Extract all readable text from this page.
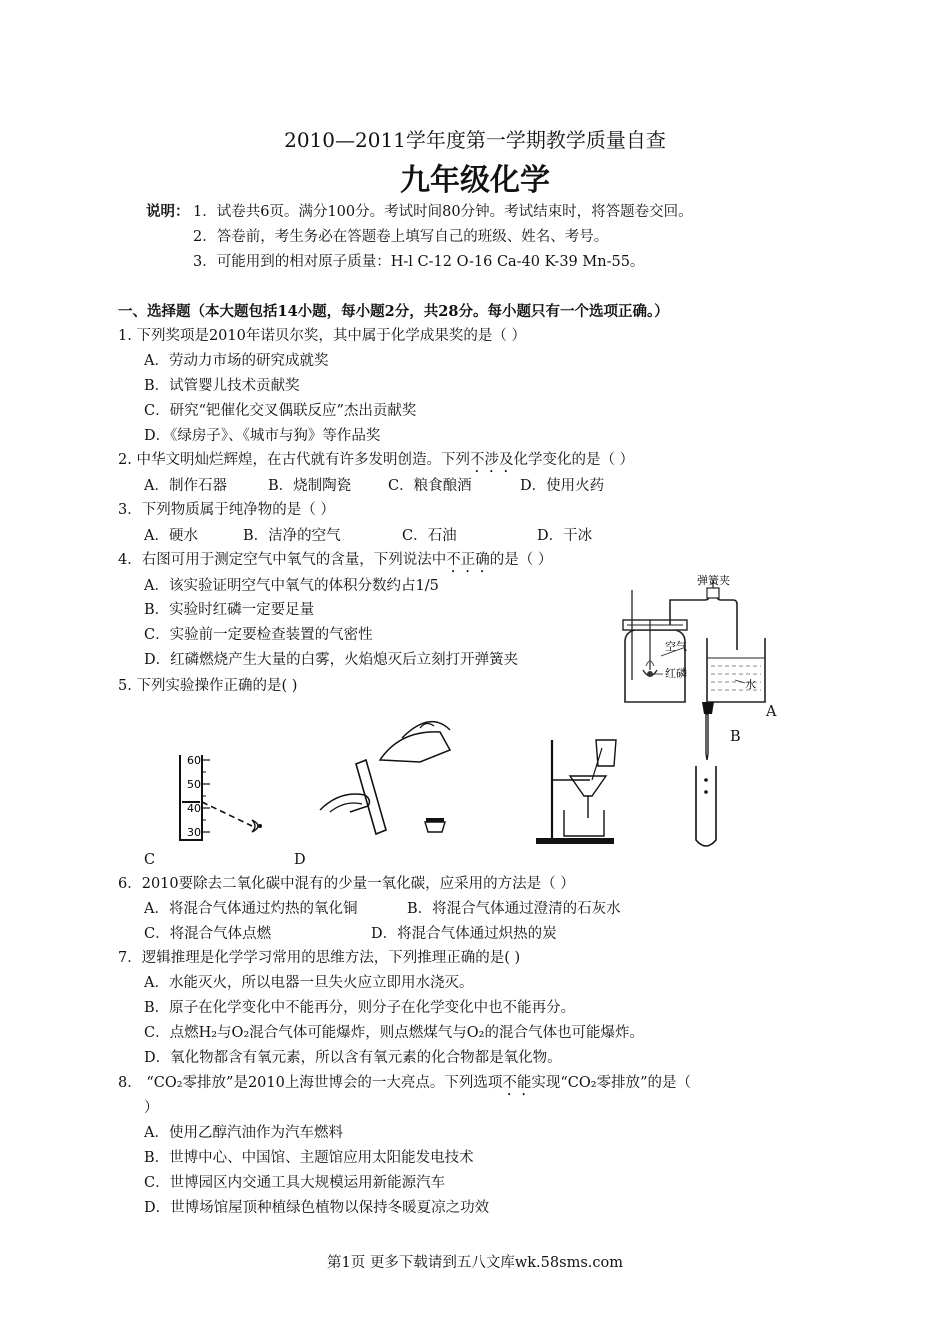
2010—2011学年度第一学期教学质量自查
九年级化学
说明： 1．试卷共6页。满分100分。考试时间80分钟。考试结束时，将答题卷交回。
2．答卷前，考生务必在答题卷上填写自己的班级、姓名、考号。
3．可能用到的相对原子质量：H-l C-12 O-16 Ca-40 K-39 Mn-55。
一、选择题（本大题包括14小题，每小题2分，共28分。每小题只有一个选项正确。）
1. 下列奖项是2010年诺贝尔奖，其中属于化学成果奖的是（ ）
A．劳动力市场的研究成就奖
B．试管婴儿技术贡献奖
C．研究“钯催化交叉偶联反应”杰出贡献奖
D．《绿房子》、《城市与狗》等作品奖
2. 中华文明灿烂辉煌，在古代就有许多发明创造。下列不涉及化学变化的是（ ）
A．制作石器	B．烧制陶瓷	C．粮食酿酒	D．使用火药
3．下列物质属于纯净物的是（ ）
A．硬水	B．洁净的空气	C．石油	D．干冰
4．右图可用于测定空气中氧气的含量，下列说法中不正确的是（ ）
A．该实验证明空气中氧气的体积分数约占1/5
B．实验时红磷一定要足量
C．实验前一定要检查装置的气密性
D．红磷燃烧产生大量的白雾，火焰熄灭后立刻打开弹簧夹
弹簧夹
空气
红磷
水
5. 下列实验操作正确的是( )
60
50
40
30
A
B
C	D
6．2010要除去二氧化碳中混有的少量一氧化碳，应采用的方法是（ ）
A．将混合气体通过灼热的氧化铜	B．将混合气体通过澄清的石灰水
C．将混合气体点燃	D．将混合气体通过炽热的炭
7．逻辑推理是化学学习常用的思维方法，下列推理正确的是( )
A．水能灭火，所以电器一旦失火应立即用水浇灭。
B．原子在化学变化中不能再分，则分子在化学变化中也不能再分。
C．点燃H₂与O₂混合气体可能爆炸，则点燃煤气与O₂的混合气体也可能爆炸。
D．氧化物都含有氧元素，所以含有氧元素的化合物都是氧化物。
8． “CO₂零排放”是2010上海世博会的一大亮点。下列选项不能实现“CO₂零排放”的是（
）
A．使用乙醇汽油作为汽车燃料
B．世博中心、中国馆、主题馆应用太阳能发电技术
C．世博园区内交通工具大规模运用新能源汽车
D．世博场馆屋顶种植绿色植物以保持冬暖夏凉之功效
第1页 更多下载请到五八文库wk.58sms.com
